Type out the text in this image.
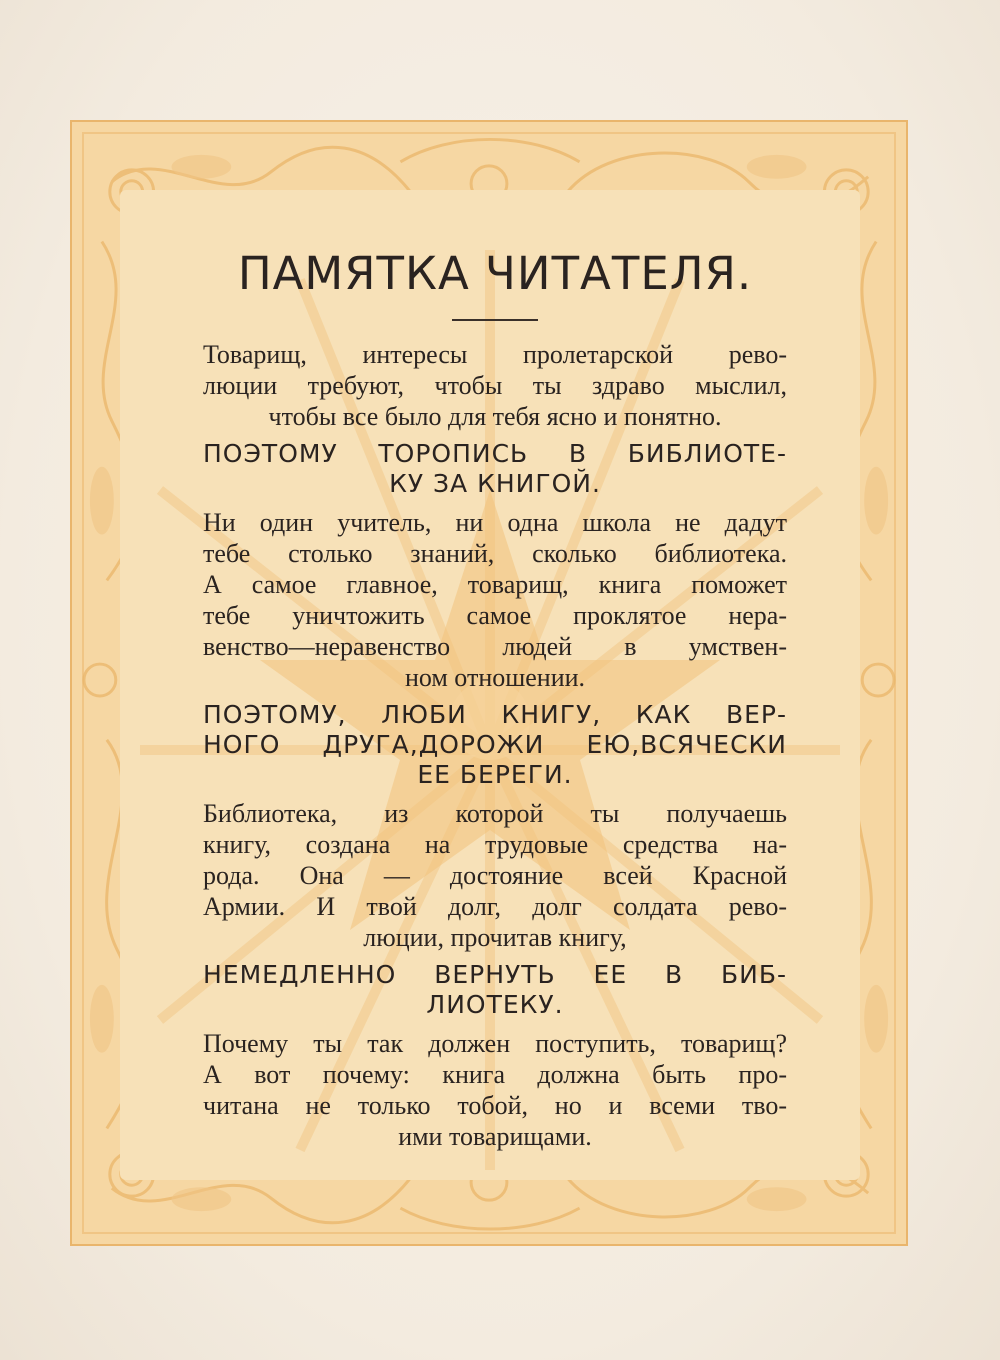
ПАМЯТКА ЧИТАТЕЛЯ.
Товарищ, интересы пролетарской рево-
люции требуют, чтобы ты здраво мыслил,
чтобы все было для тебя ясно и понятно.
ПОЭТОМУ ТОРОПИСЬ В БИБЛИОТЕ-
КУ ЗА КНИГОЙ.
Ни один учитель, ни одна школа не дадут
тебе столько знаний, сколько библиотека.
А самое главное, товарищ, книга поможет
тебе уничтожить самое проклятое нера-
венство—неравенство людей в умствен-
ном отношении.
ПОЭТОМУ, ЛЮБИ КНИГУ, КАК ВЕР-
НОГО ДРУГА,ДОРОЖИ ЕЮ,ВСЯЧЕСКИ
ЕЕ БЕРЕГИ.
Библиотека, из которой ты получаешь
книгу, создана на трудовые средства на-
рода. Она — достояние всей Красной
Армии. И твой долг, долг солдата рево-
люции, прочитав книгу,
НЕМЕДЛЕННО ВЕРНУТЬ ЕЕ В БИБ-
ЛИОТЕКУ.
Почему ты так должен поступить, товарищ?
А вот почему: книга должна быть про-
читана не только тобой, но и всеми тво-
ими товарищами.
